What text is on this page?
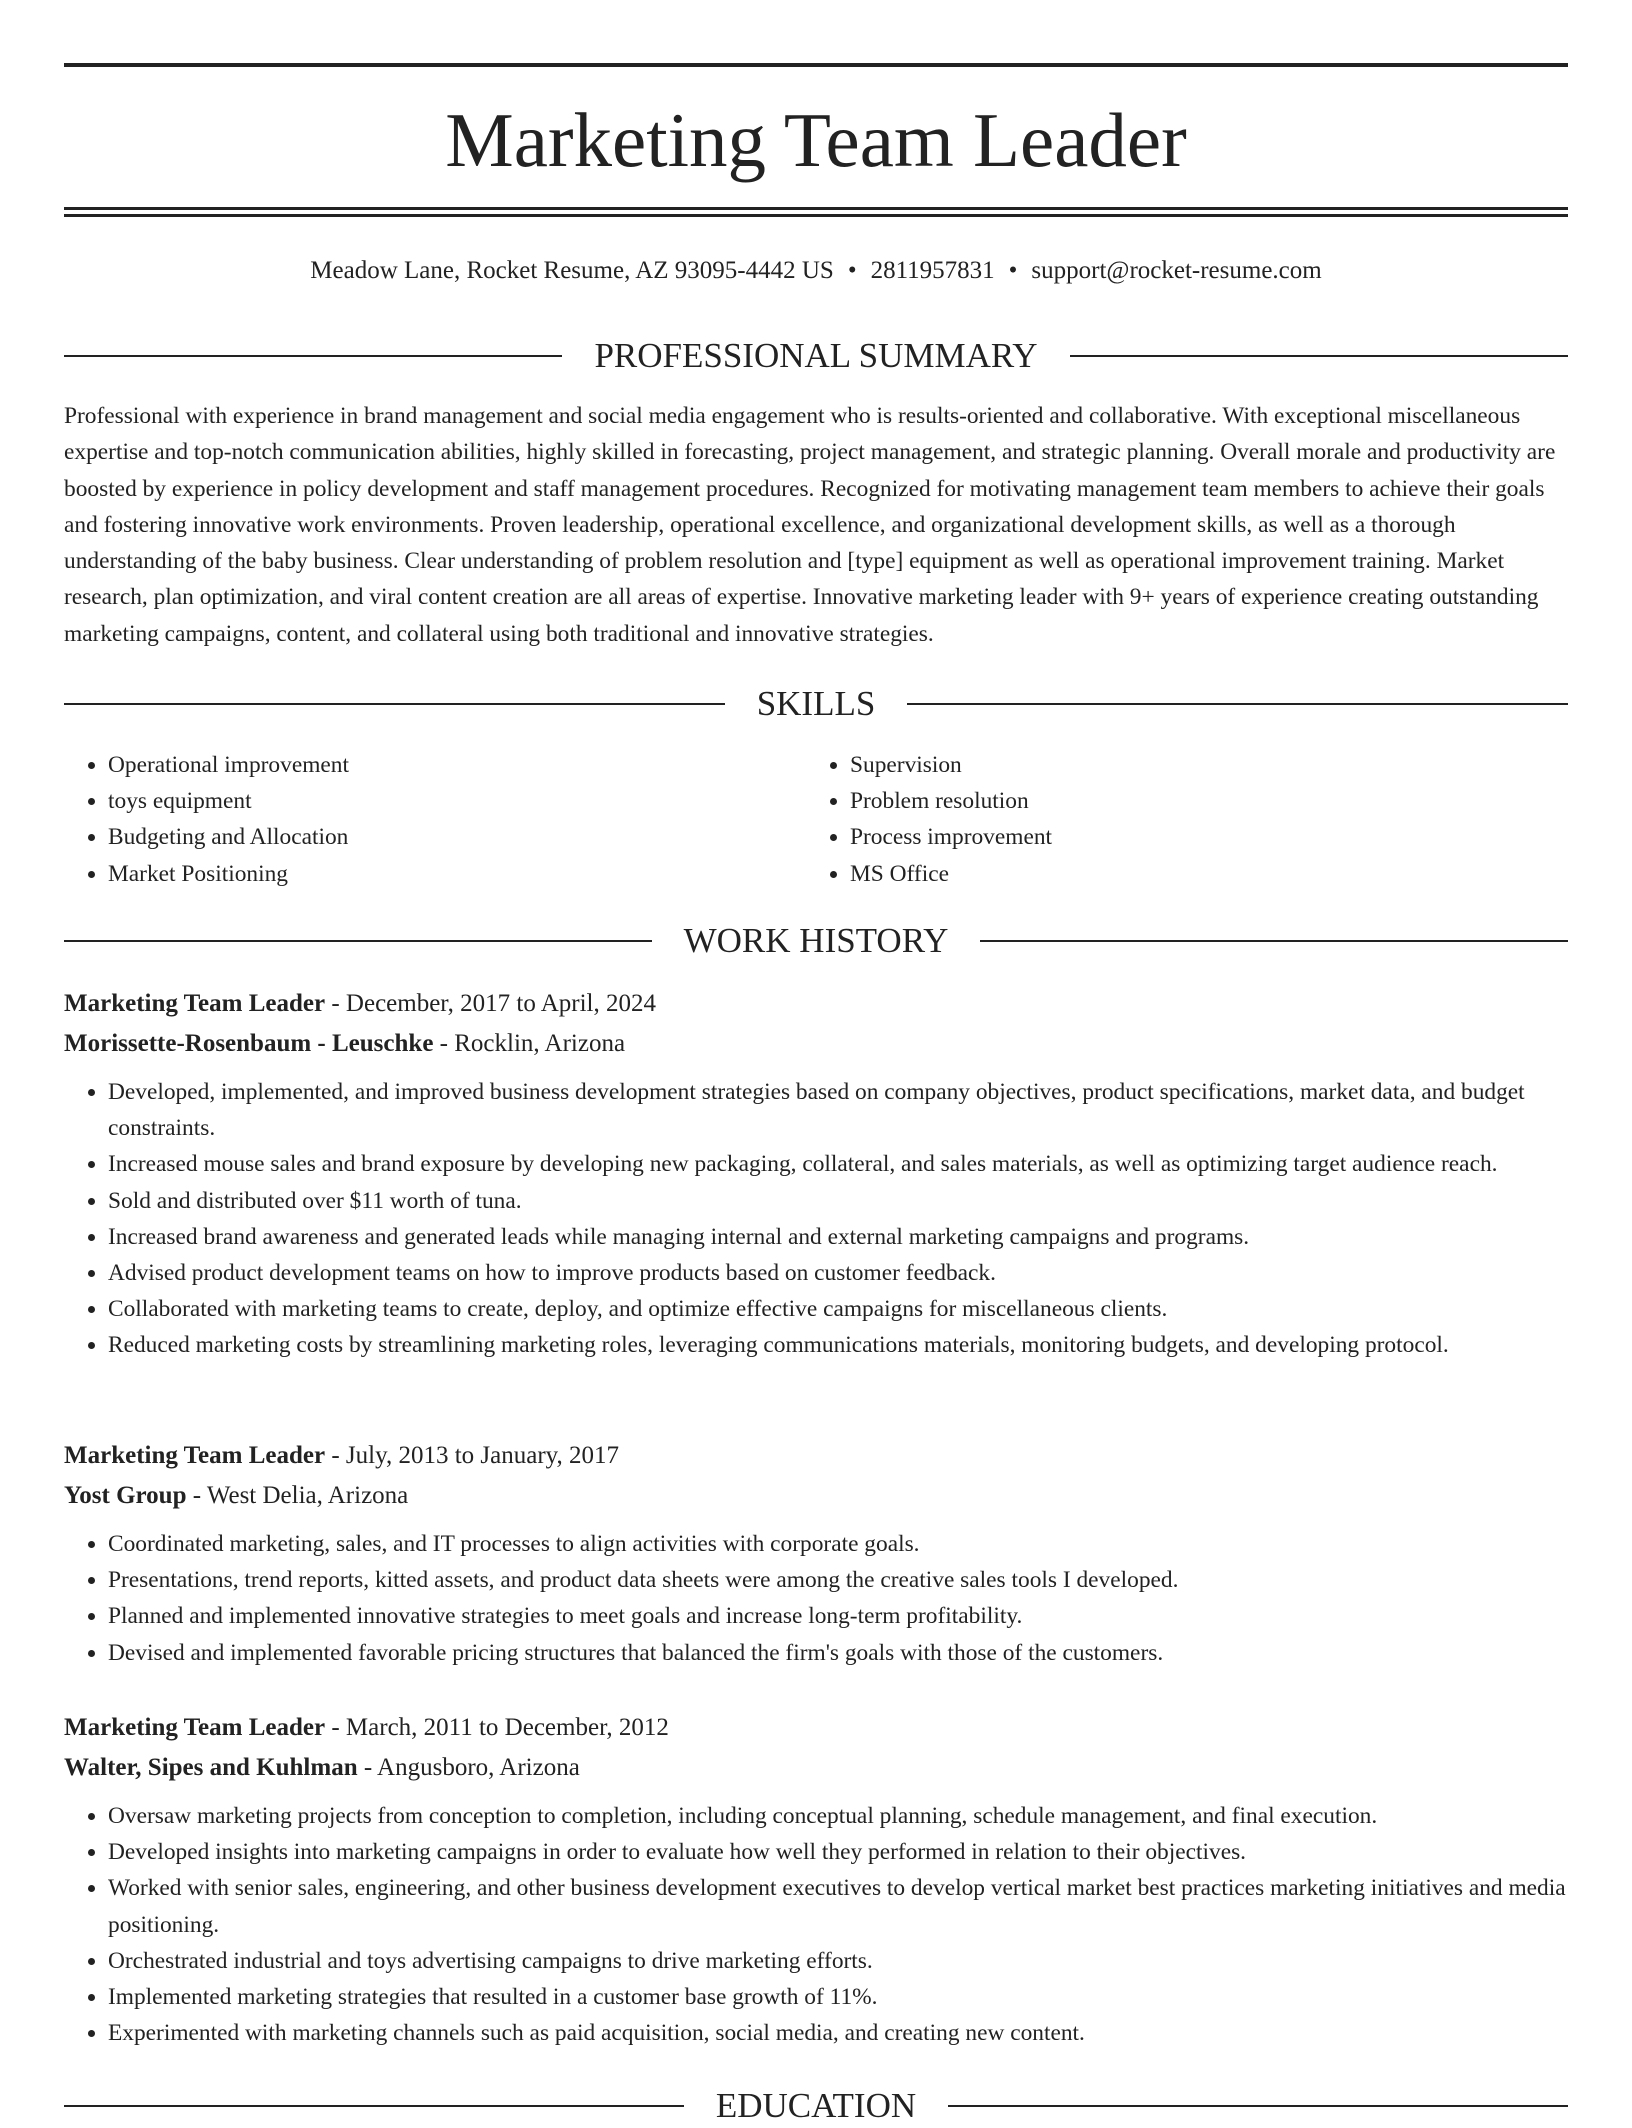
Marketing Team Leader
Meadow Lane, Rocket Resume, AZ 93095-4442 US • 2811957831 • support@rocket-resume.com
PROFESSIONAL SUMMARY

Professional with experience in brand management and social media engagement who is results-oriented and collaborative. With exceptional miscellaneous expertise and top-notch communication abilities, highly skilled in forecasting, project management, and strategic planning. Overall morale and productivity are boosted by experience in policy development and staff management procedures. Recognized for motivating management team members to achieve their goals and fostering innovative work environments. Proven leadership, operational excellence, and organizational development skills, as well as a thorough understanding of the baby business. Clear understanding of problem resolution and [type] equipment as well as operational improvement training. Market research, plan optimization, and viral content creation are all areas of expertise. Innovative marketing leader with 9+ years of experience creating outstanding marketing campaigns, content, and collateral using both traditional and innovative strategies.

SKILLS
• Operational improvement
• toys equipment
• Budgeting and Allocation
• Market Positioning
• Supervision
• Problem resolution
• Process improvement
• MS Office
WORK HISTORY

Marketing Team Leader - December, 2017 to April, 2024

Morissette-Rosenbaum - Leuschke - Rocklin, Arizona

• Developed, implemented, and improved business development strategies based on company objectives, product specifications, market data, and budget constraints.
• Increased mouse sales and brand exposure by developing new packaging, collateral, and sales materials, as well as optimizing target audience reach.
• Sold and distributed over $11 worth of tuna.
• Increased brand awareness and generated leads while managing internal and external marketing campaigns and programs.
• Advised product development teams on how to improve products based on customer feedback.
• Collaborated with marketing teams to create, deploy, and optimize effective campaigns for miscellaneous clients.
• Reduced marketing costs by streamlining marketing roles, leveraging communications materials, monitoring budgets, and developing protocol.

Marketing Team Leader - July, 2013 to January, 2017

Yost Group - West Delia, Arizona

• Coordinated marketing, sales, and IT processes to align activities with corporate goals.
• Presentations, trend reports, kitted assets, and product data sheets were among the creative sales tools I developed.
• Planned and implemented innovative strategies to meet goals and increase long-term profitability.
• Devised and implemented favorable pricing structures that balanced the firm's goals with those of the customers.

Marketing Team Leader - March, 2011 to December, 2012

Walter, Sipes and Kuhlman - Angusboro, Arizona

• Oversaw marketing projects from conception to completion, including conceptual planning, schedule management, and final execution.
• Developed insights into marketing campaigns in order to evaluate how well they performed in relation to their objectives.
• Worked with senior sales, engineering, and other business development executives to develop vertical market best practices marketing initiatives and media positioning.
• Orchestrated industrial and toys advertising campaigns to drive marketing efforts.
• Implemented marketing strategies that resulted in a customer base growth of 11%.
• Experimented with marketing channels such as paid acquisition, social media, and creating new content.
EDUCATION
